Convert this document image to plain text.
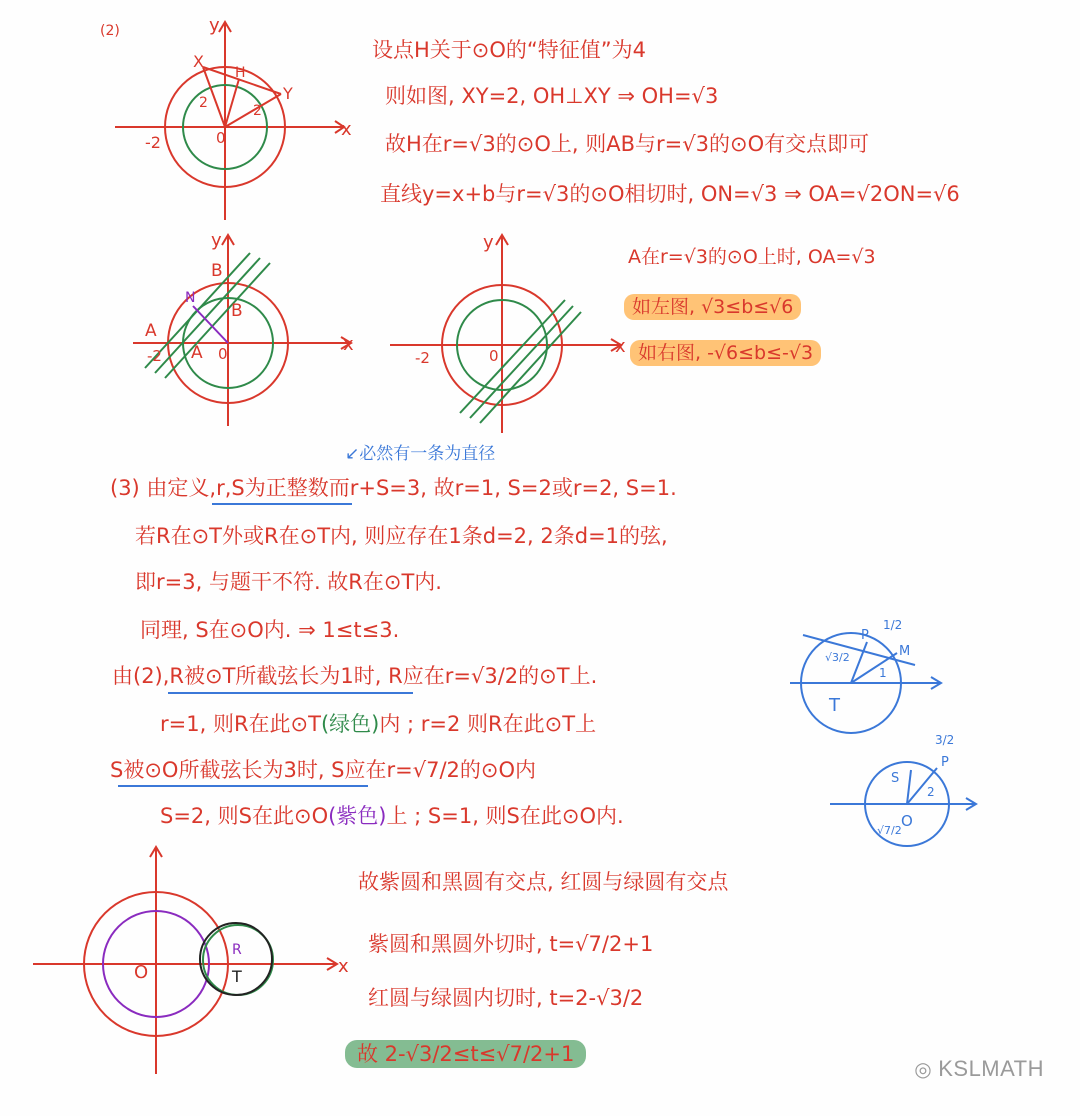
y
x
0
-2
X
Y
H
2	2
(2)
y
x
0
-2
A
A
B
B
N
y
x
0
-2
设点H关于⊙O的“特征值”为4
则如图, XY=2, OH⊥XY ⇒ OH=√3
故H在r=√3的⊙O上, 则AB与r=√3的⊙O有交点即可
直线y=x+b与r=√3的⊙O相切时, ON=√3 ⇒ OA=√2ON=√6
A在r=√3的⊙O上时, OA=√3
如左图, √3≤b≤√6
如右图, -√6≤b≤-√3
↙必然有一条为直径
(3) 由定义,r,S为正整数而r+S=3, 故r=1, S=2或r=2, S=1.
若R在⊙T外或R在⊙T内, 则应存在1条d=2, 2条d=1的弦,
即r=3, 与题干不符. 故R在⊙T内.
同理, S在⊙O内. ⇒ 1≤t≤3.
由(2),R被⊙T所截弦长为1时, R应在r=√3/2的⊙T上.
r=1, 则R在此⊙T(绿色)内 ; r=2 则R在此⊙T上
S被⊙O所截弦长为3时, S应在r=√7/2的⊙O内
S=2, 则S在此⊙O(紫色)上 ; S=1, 则S在此⊙O内.
1/2
P
M
T
√3/2
1
3/2
P
S
O
2
√7/2
x
O
R
T
故紫圆和黑圆有交点, 红圆与绿圆有交点
紫圆和黑圆外切时, t=√7/2+1
红圆与绿圆内切时, t=2-√3/2
故 2-√3/2≤t≤√7/2+1
◎ KSLMATH
